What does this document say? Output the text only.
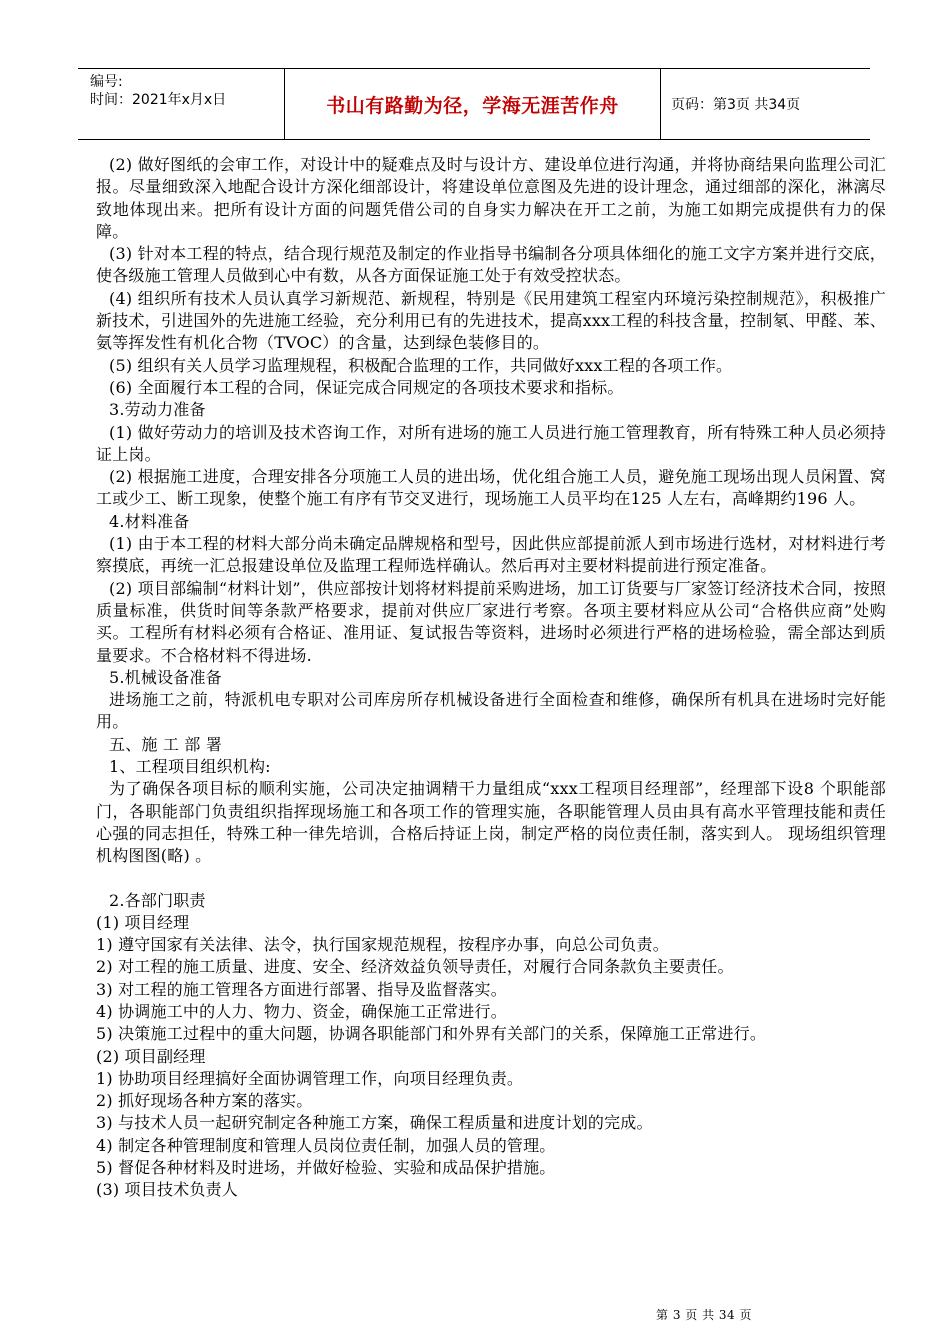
编号:
时间：2021年x月x日	书山有路勤为径，学海无涯苦作舟	页码：第3页 共34页

(2) 做好图纸的会审工作，对设计中的疑难点及时与设计方、建设单位进行沟通，并将协商结果向监理公司汇报。尽量细致深入地配合设计方深化细部设计，将建设单位意图及先进的设计理念，通过细部的深化，淋漓尽致地体现出来。把所有设计方面的问题凭借公司的自身实力解决在开工之前，为施工如期完成提供有力的保障。

(3) 针对本工程的特点，结合现行规范及制定的作业指导书编制各分项具体细化的施工文字方案并进行交底，使各级施工管理人员做到心中有数，从各方面保证施工处于有效受控状态。

(4) 组织所有技术人员认真学习新规范、新规程，特别是《民用建筑工程室内环境污染控制规范》，积极推广新技术，引进国外的先进施工经验，充分利用已有的先进技术，提高xxx工程的科技含量，控制氡、甲醛、苯、氨等挥发性有机化合物（TVOC）的含量，达到绿色装修目的。

(5) 组织有关人员学习监理规程，积极配合监理的工作，共同做好xxx工程的各项工作。

(6) 全面履行本工程的合同，保证完成合同规定的各项技术要求和指标。

3.劳动力准备

(1) 做好劳动力的培训及技术咨询工作，对所有进场的施工人员进行施工管理教育，所有特殊工种人员必须持证上岗。

(2) 根据施工进度，合理安排各分项施工人员的进出场，优化组合施工人员，避免施工现场出现人员闲置、窝工或少工、断工现象，使整个施工有序有节交叉进行，现场施工人员平均在125 人左右，高峰期约196 人。

4.材料准备

(1) 由于本工程的材料大部分尚未确定品牌规格和型号，因此供应部提前派人到市场进行选材，对材料进行考察摸底，再统一汇总报建设单位及监理工程师选样确认。然后再对主要材料提前进行预定准备。

(2) 项目部编制“材料计划”，供应部按计划将材料提前采购进场，加工订货要与厂家签订经济技术合同，按照质量标准，供货时间等条款严格要求，提前对供应厂家进行考察。各项主要材料应从公司“合格供应商”处购买。工程所有材料必须有合格证、准用证、复试报告等资料，进场时必须进行严格的进场检验，需全部达到质量要求。不合格材料不得进场.

5.机械设备准备

进场施工之前，特派机电专职对公司库房所存机械设备进行全面检查和维修，确保所有机具在进场时完好能用。

五、施 工 部 署

1、工程项目组织机构:

为了确保各项目标的顺利实施，公司决定抽调精干力量组成“xxx工程项目经理部”，经理部下设8 个职能部门，各职能部门负责组织指挥现场施工和各项工作的管理实施，各职能管理人员由具有高水平管理技能和责任心强的同志担任，特殊工种一律先培训，合格后持证上岗，制定严格的岗位责任制，落实到人。 现场组织管理机构图图(略) 。

2.各部门职责

(1) 项目经理

1) 遵守国家有关法律、法令，执行国家规范规程，按程序办事，向总公司负责。

2) 对工程的施工质量、进度、安全、经济效益负领导责任，对履行合同条款负主要责任。

3) 对工程的施工管理各方面进行部署、指导及监督落实。

4) 协调施工中的人力、物力、资金，确保施工正常进行。

5) 决策施工过程中的重大问题，协调各职能部门和外界有关部门的关系，保障施工正常进行。

(2) 项目副经理

1) 协助项目经理搞好全面协调管理工作，向项目经理负责。

2) 抓好现场各种方案的落实。

3) 与技术人员一起研究制定各种施工方案，确保工程质量和进度计划的完成。

4) 制定各种管理制度和管理人员岗位责任制，加强人员的管理。

5) 督促各种材料及时进场，并做好检验、实验和成品保护措施。

(3) 项目技术负责人

第 3 页 共 34 页
